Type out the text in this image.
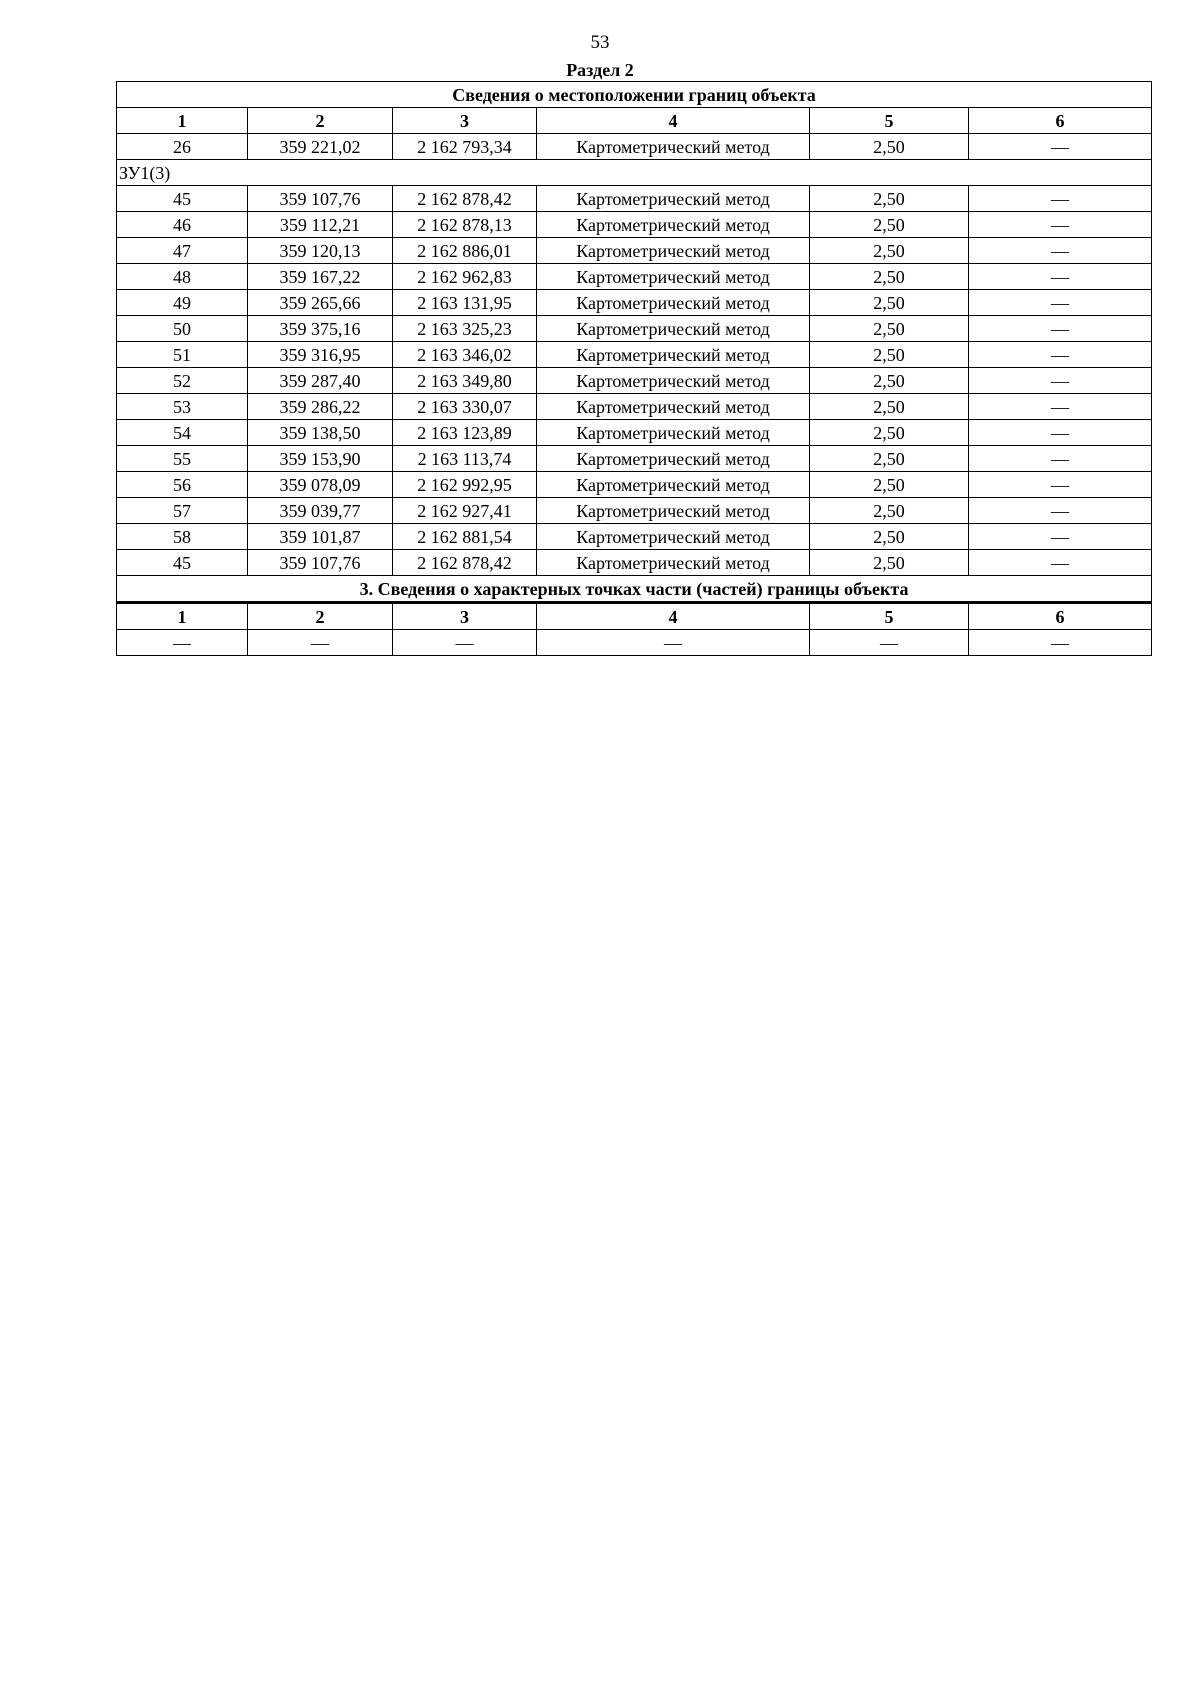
53
Раздел 2
Сведения о местоположении границ объекта					
1	2	3	4	5	6
26	359 221,02	2 162 793,34	Картометрический метод	2,50	—
ЗУ1(3)					
45	359 107,76	2 162 878,42	Картометрический метод	2,50	—
46	359 112,21	2 162 878,13	Картометрический метод	2,50	—
47	359 120,13	2 162 886,01	Картометрический метод	2,50	—
48	359 167,22	2 162 962,83	Картометрический метод	2,50	—
49	359 265,66	2 163 131,95	Картометрический метод	2,50	—
50	359 375,16	2 163 325,23	Картометрический метод	2,50	—
51	359 316,95	2 163 346,02	Картометрический метод	2,50	—
52	359 287,40	2 163 349,80	Картометрический метод	2,50	—
53	359 286,22	2 163 330,07	Картометрический метод	2,50	—
54	359 138,50	2 163 123,89	Картометрический метод	2,50	—
55	359 153,90	2 163 113,74	Картометрический метод	2,50	—
56	359 078,09	2 162 992,95	Картометрический метод	2,50	—
57	359 039,77	2 162 927,41	Картометрический метод	2,50	—
58	359 101,87	2 162 881,54	Картометрический метод	2,50	—
45	359 107,76	2 162 878,42	Картометрический метод	2,50	—
3. Сведения о характерных точках части (частей) границы объекта					
1	2	3	4	5	6
—	—	—	—	—	—
